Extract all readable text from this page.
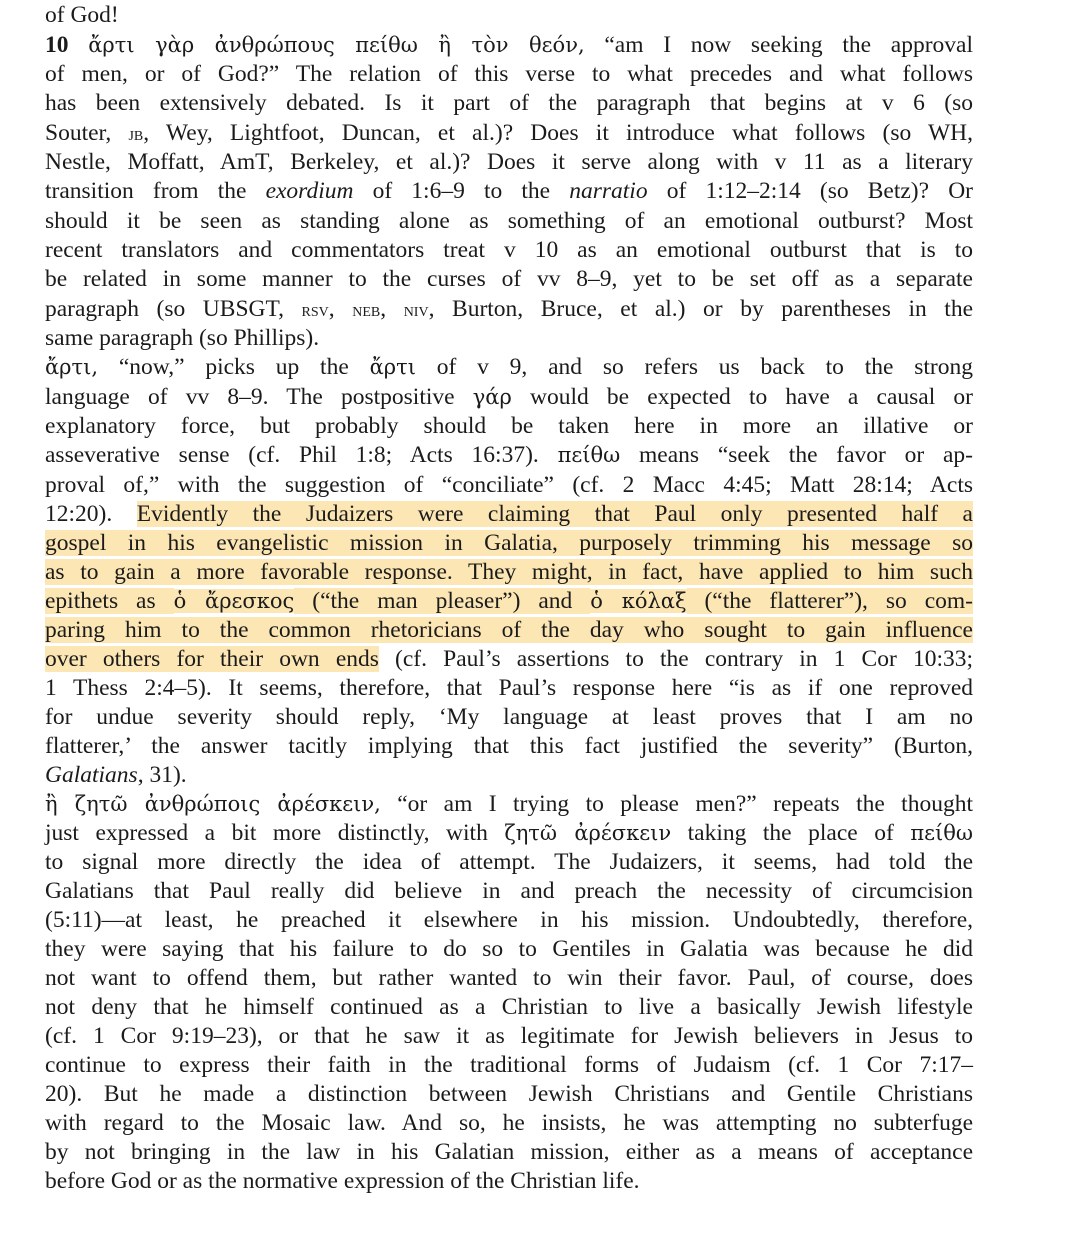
of God!
10 ἄρτι γὰρ ἀνθρώπους πείθω ἢ τὸν θεόν, “am I now seeking the approval
of men, or of God?” The relation of this verse to what precedes and what follows
has been extensively debated. Is it part of the paragraph that begins at v 6 (so
Souter, jb, Wey, Lightfoot, Duncan, et al.)? Does it introduce what follows (so WH,
Nestle, Moffatt, AmT, Berkeley, et al.)? Does it serve along with v 11 as a literary
transition from the exordium of 1:6–9 to the narratio of 1:12–2:14 (so Betz)? Or
should it be seen as standing alone as something of an emotional outburst? Most
recent translators and commentators treat v 10 as an emotional outburst that is to
be related in some manner to the curses of vv 8–9, yet to be set off as a separate
paragraph (so UBSGT, rsv, neb, niv, Burton, Bruce, et al.) or by parentheses in the
same paragraph (so Phillips).
ἄρτι, “now,” picks up the ἄρτι of v 9, and so refers us back to the strong
language of vv 8–9. The postpositive γάρ would be expected to have a causal or
explanatory force, but probably should be taken here in more an illative or
asseverative sense (cf. Phil 1:8; Acts 16:37). πείθω means “seek the favor or ap-
proval of,” with the suggestion of “conciliate” (cf. 2 Macc 4:45; Matt 28:14; Acts
12:20). Evidently the Judaizers were claiming that Paul only presented half a
gospel in his evangelistic mission in Galatia, purposely trimming his message so
as to gain a more favorable response. They might, in fact, have applied to him such
epithets as ὁ ἄρεσκος (“the man pleaser”) and ὁ κόλαξ (“the flatterer”), so com-
paring him to the common rhetoricians of the day who sought to gain influence
over others for their own ends (cf. Paul’s assertions to the contrary in 1 Cor 10:33;
1 Thess 2:4–5). It seems, therefore, that Paul’s response here “is as if one reproved
for undue severity should reply, ‘My language at least proves that I am no
flatterer,’ the answer tacitly implying that this fact justified the severity” (Burton,
Galatians, 31).
ἢ ζητῶ ἀνθρώποις ἀρέσκειν, “or am I trying to please men?” repeats the thought
just expressed a bit more distinctly, with ζητῶ ἀρέσκειν taking the place of πείθω
to signal more directly the idea of attempt. The Judaizers, it seems, had told the
Galatians that Paul really did believe in and preach the necessity of circumcision
(5:11)—at least, he preached it elsewhere in his mission. Undoubtedly, therefore,
they were saying that his failure to do so to Gentiles in Galatia was because he did
not want to offend them, but rather wanted to win their favor. Paul, of course, does
not deny that he himself continued as a Christian to live a basically Jewish lifestyle
(cf. 1 Cor 9:19–23), or that he saw it as legitimate for Jewish believers in Jesus to
continue to express their faith in the traditional forms of Judaism (cf. 1 Cor 7:17–
20). But he made a distinction between Jewish Christians and Gentile Christians
with regard to the Mosaic law. And so, he insists, he was attempting no subterfuge
by not bringing in the law in his Galatian mission, either as a means of acceptance
before God or as the normative expression of the Christian life.
